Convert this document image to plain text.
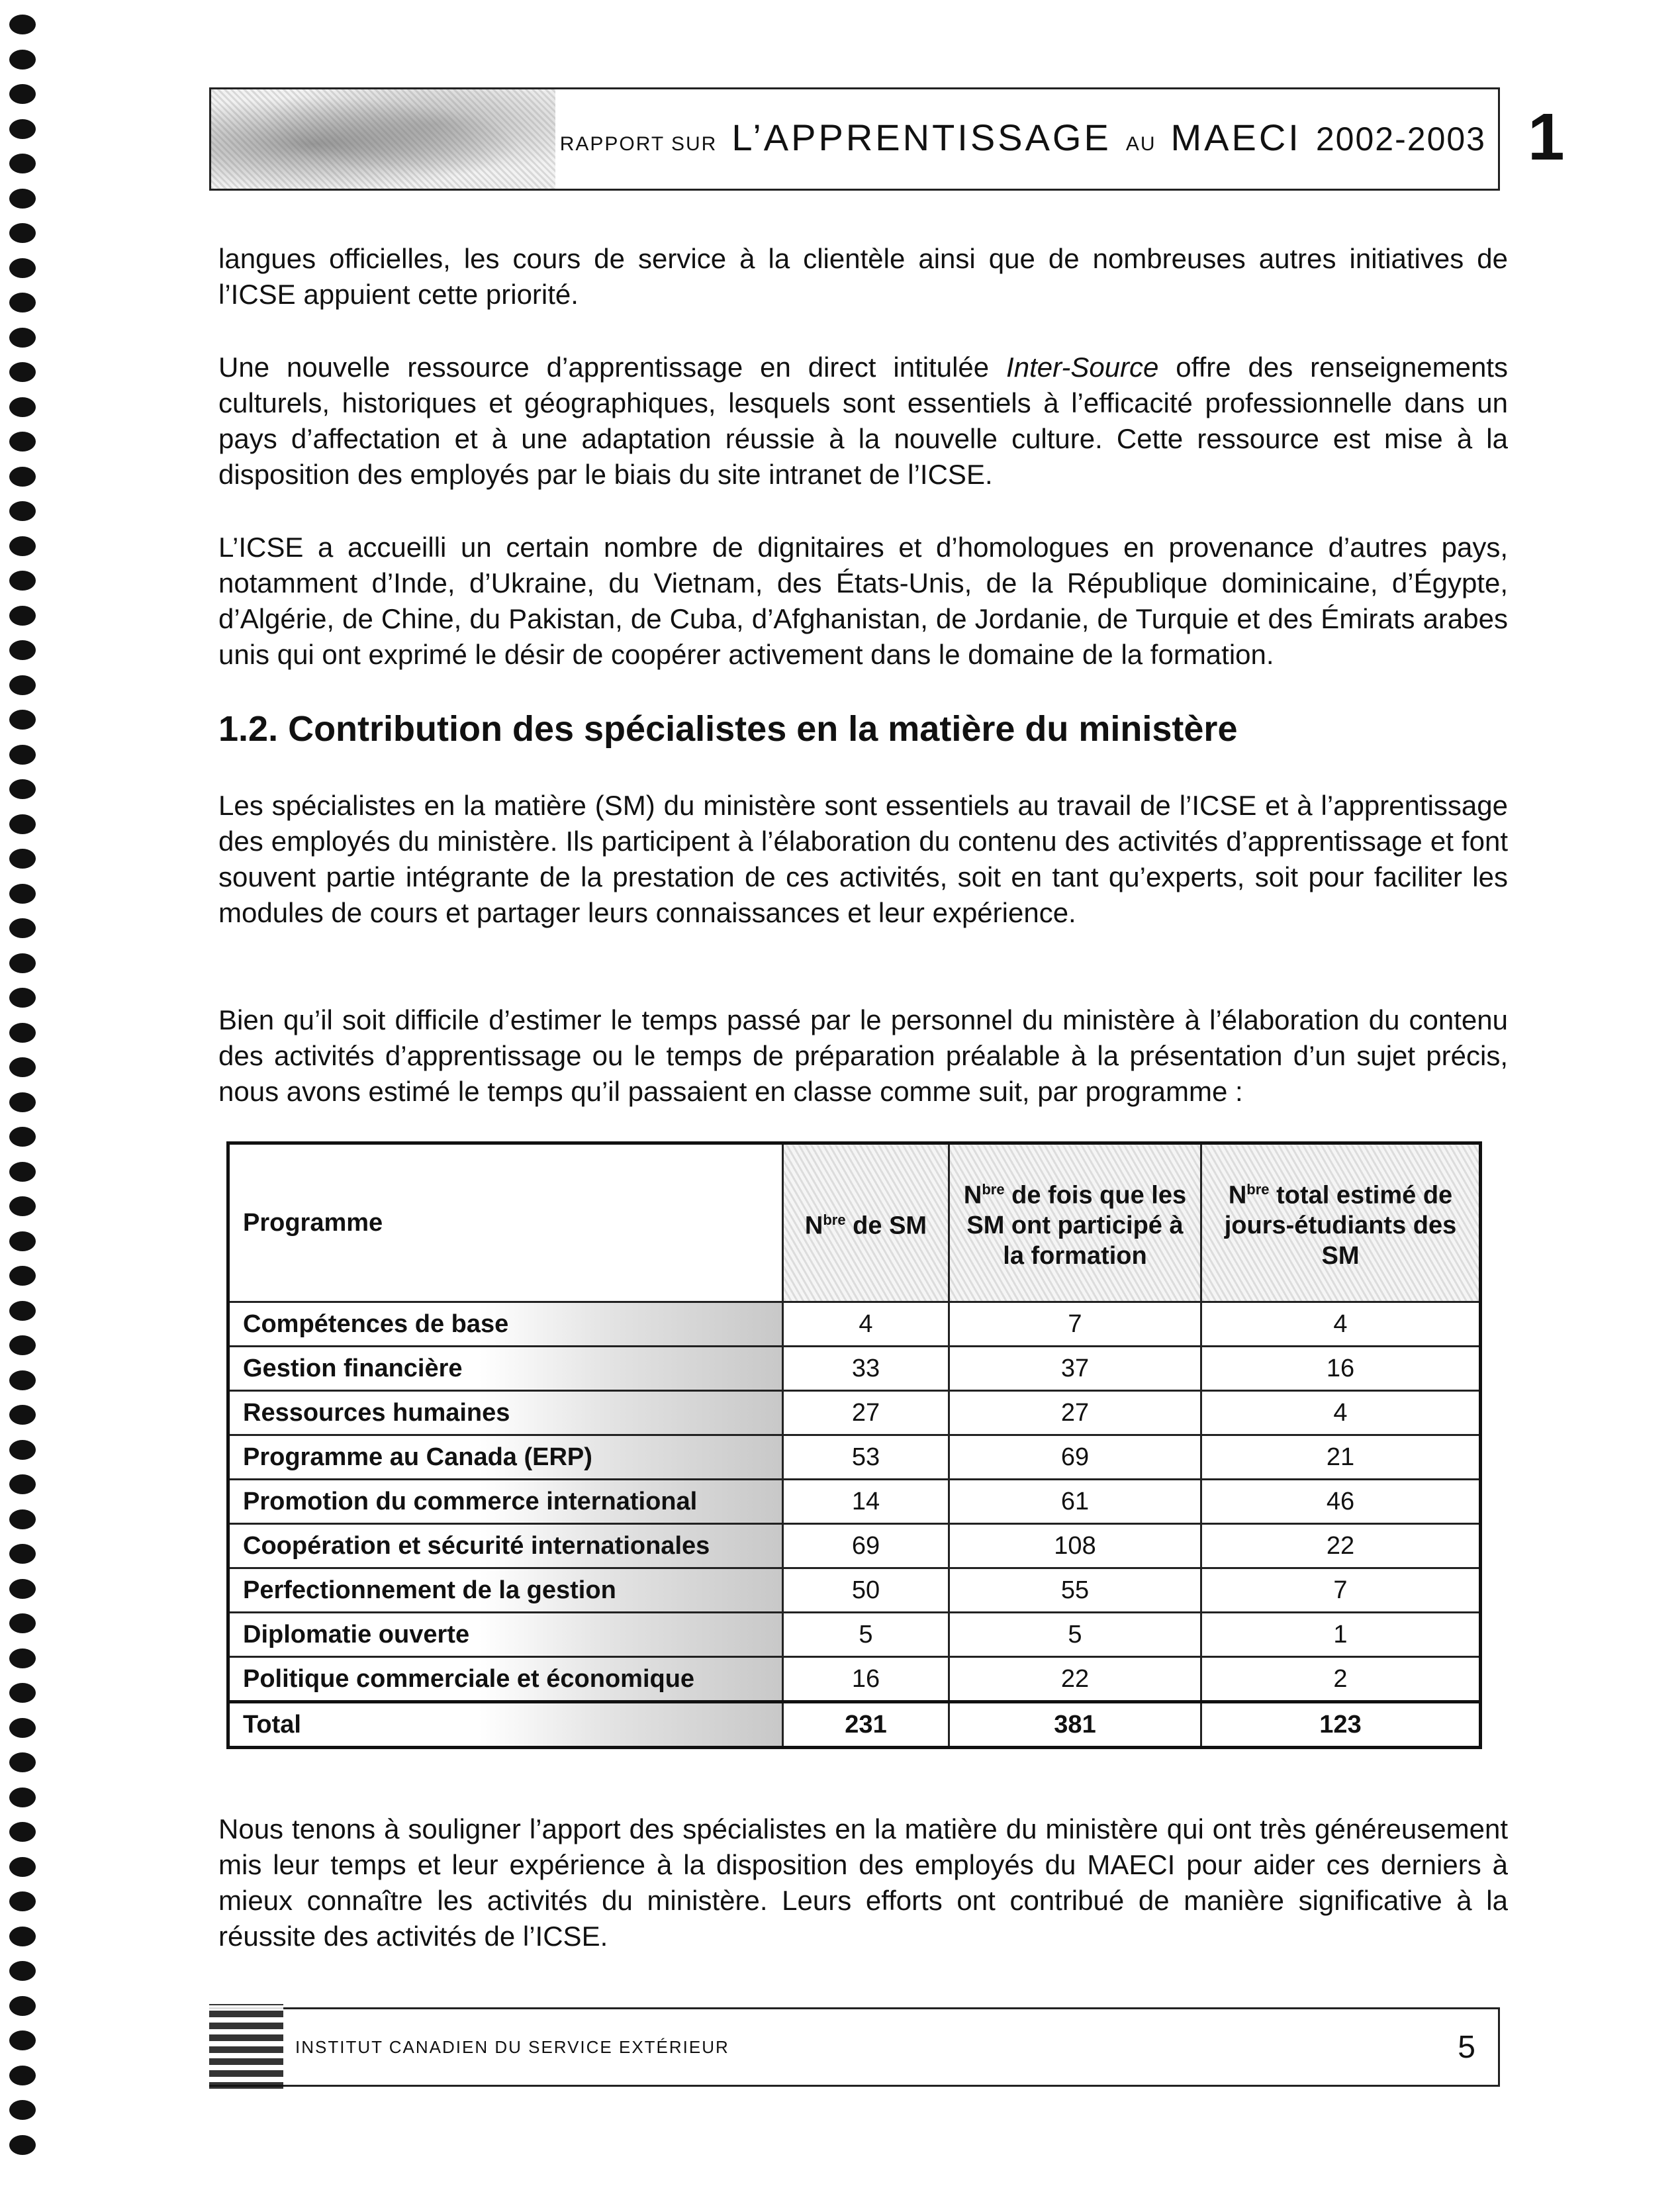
RAPPORT SUR L’APPRENTISSAGE AU MAECI 2002-2003 1

langues officielles, les cours de service à la clientèle ainsi que de nombreuses autres initiatives de l’ICSE appuient cette priorité.

Une nouvelle ressource d’apprentissage en direct intitulée Inter-Source offre des renseignements culturels, historiques et géographiques, lesquels sont essentiels à l’efficacité professionnelle dans un pays d’affectation et à une adaptation réussie à la nouvelle culture. Cette ressource est mise à la disposition des employés par le biais du site intranet de l’ICSE.

L’ICSE a accueilli un certain nombre de dignitaires et d’homologues en provenance d’autres pays, notamment d’Inde, d’Ukraine, du Vietnam, des États-Unis, de la République dominicaine, d’Égypte, d’Algérie, de Chine, du Pakistan, de Cuba, d’Afghanistan, de Jordanie, de Turquie et des Émirats arabes unis qui ont exprimé le désir de coopérer activement dans le domaine de la formation.

1.2. Contribution des spécialistes en la matière du ministère

Les spécialistes en la matière (SM) du ministère sont essentiels au travail de l’ICSE et à l’apprentissage des employés du ministère. Ils participent à l’élaboration du contenu des activités d’apprentissage et font souvent partie intégrante de la prestation de ces activités, soit en tant qu’experts, soit pour faciliter les modules de cours et partager leurs connaissances et leur expérience.

Bien qu’il soit difficile d’estimer le temps passé par le personnel du ministère à l’élaboration du contenu des activités d’apprentissage ou le temps de préparation préalable à la présentation d’un sujet précis, nous avons estimé le temps qu’il passaient en classe comme suit, par programme :

Programme	$N^{bre}$ de SM	$N^{bre}$ de fois que les SM ont participé à la formation	$N^{bre}$ total estimé de jours-étudiants des SM
Compétences de base	4	7	4
Gestion financière	33	37	16
Ressources humaines	27	27	4
Programme au Canada (ERP)	53	69	21
Promotion du commerce international	14	61	46
Coopération et sécurité internationales	69	108	22
Perfectionnement de la gestion	50	55	7
Diplomatie ouverte	5	5	1
Politique commerciale et économique	16	22	2
Total	231	381	123

Nous tenons à souligner l’apport des spécialistes en la matière du ministère qui ont très généreusement mis leur temps et leur expérience à la disposition des employés du MAECI pour aider ces derniers à mieux connaître les activités du ministère. Leurs efforts ont contribué de manière significative à la réussite des activités de l’ICSE.

INSTITUT CANADIEN DU SERVICE EXTÉRIEUR	5
